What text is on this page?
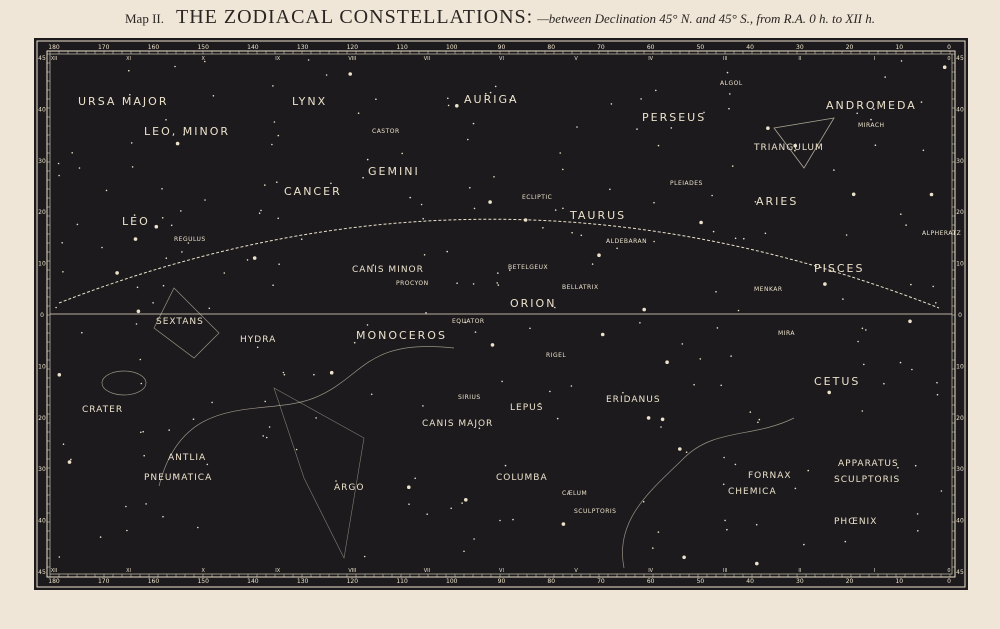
Map II. THE ZODIACAL CONSTELLATIONS: —between Declination 45° N. and 45° S., from R.A. 0 h. to XII h.
180
180
170
170
160
160
150
150
140
140
130
130
120
120
110
110
100
100
90
90
80
80
70
70
60
60
50
50
40
40
30
30
20
20
10
10
0
0
XII
XII
XI
XI
X
X
IX
IX
VIII
VIII
VII
VII
VI
VI
V
V
IV
IV
III
III
II
II
I
I
0
0
45	45
40	40
30	30
20	20
10	10
0	0
10	10
20	20
30	30
40	40
45	45
URSA MAJOR
LEO, MINOR
LYNX	AURIGA
PERSEUS
ANDROMEDA
TRIANGULUM
CANCER
GEMINI
TAURUS
ARIES
LEO
PISCES
CANIS MINOR
ORION
SEXTANS
HYDRA	MONOCEROS
CRATER	LEPUS
ERIDANUS
CETUS
CANIS MAJOR
ANTLIA
PNEUMATICA
ARGO
COLUMBA
CÆLUM
SCULPTORIS
FORNAX
CHEMICA
APPARATUS
SCULPTORIS
PHŒNIX
CASTOR
REGULUS
PROCYON
BETELGEUX
BELLATRIX
RIGEL
SIRIUS
ALDEBARAN
PLEIADES
ALGOL
MIRA
MIRACH
MENKAR
ALPHERATZ
ECLIPTIC
EQUATOR
